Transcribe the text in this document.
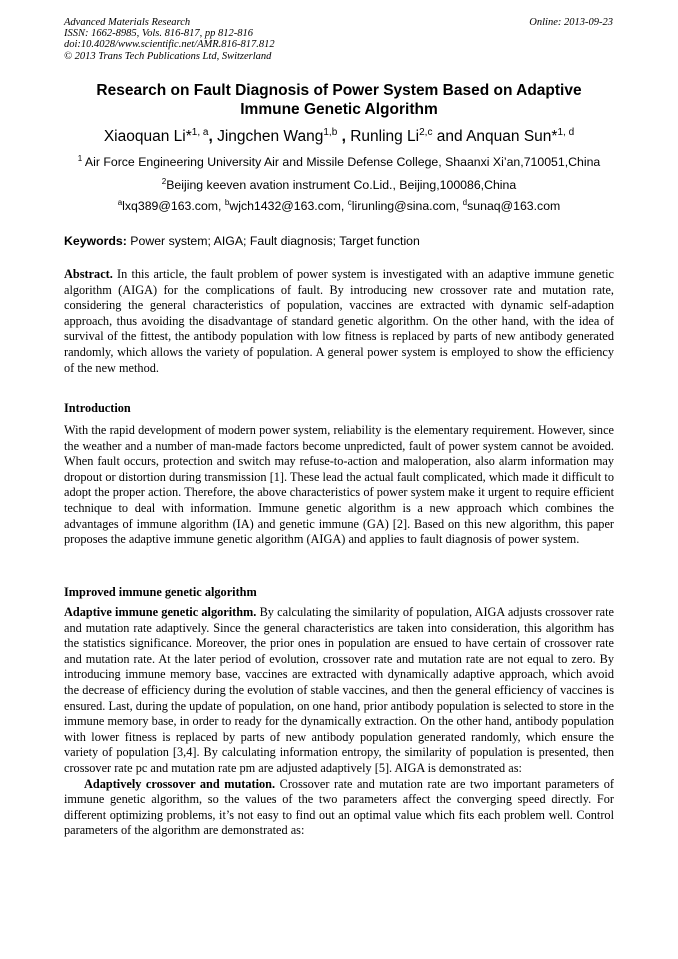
Advanced Materials Research
ISSN: 1662-8985, Vols. 816-817, pp 812-816
doi:10.4028/www.scientific.net/AMR.816-817.812
© 2013 Trans Tech Publications Ltd, Switzerland
Online: 2013-09-23
Research on Fault Diagnosis of Power System Based on Adaptive
Immune Genetic Algorithm
Xiaoquan Li*$^{1, a}$, Jingchen Wang$^{1,b}$ , Runling Li$^{2,c}$ and Anquan Sun*$^{1, d}$
$^1$ Air Force Engineering University Air and Missile Defense College, Shaanxi Xi’an,710051,China
$^2$Beijing keeven avation instrument Co.Lid., Beijing,100086,China
$^a$lxq389@163.com, $^b$wjch1432@163.com, $^c$lirunling@sina.com, $^d$sunaq@163.com
Keywords: Power system; AIGA; Fault diagnosis; Target function
Abstract. In this article, the fault problem of power system is investigated with an adaptive immune genetic algorithm (AIGA) for the complications of fault. By introducing new crossover rate and mutation rate, considering the general characteristics of population, vaccines are extracted with dynamic self-adaption approach, thus avoiding the disadvantage of standard genetic algorithm. On the other hand, with the idea of survival of the fittest, the antibody population with low fitness is replaced by parts of new antibody generated randomly, which allows the variety of population. A general power system is employed to show the efficiency of the new method.
Introduction
With the rapid development of modern power system, reliability is the elementary requirement. However, since the weather and a number of man-made factors become unpredicted, fault of power system cannot be avoided. When fault occurs, protection and switch may refuse-to-action and maloperation, also alarm information may dropout or distortion during transmission [1]. These lead the actual fault complicated, which made it difficult to adopt the proper action. Therefore, the above characteristics of power system make it urgent to require efficient technique to deal with information. Immune genetic algorithm is a new approach which combines the advantages of immune algorithm (IA) and genetic immune (GA) [2]. Based on this new algorithm, this paper proposes the adaptive immune genetic algorithm (AIGA) and applies to fault diagnosis of power system.
Improved immune genetic algorithm
Adaptive immune genetic algorithm. By calculating the similarity of population, AIGA adjusts crossover rate and mutation rate adaptively. Since the general characteristics are taken into consideration, this algorithm has the statistics significance. Moreover, the prior ones in population are ensued to have certain of crossover rate and mutation rate. At the later period of evolution, crossover rate and mutation rate are not equal to zero. By introducing immune memory base, vaccines are extracted with dynamically adaptive approach, which avoid the decrease of efficiency during the evolution of stable vaccines, and then the general efficiency of vaccines is ensured. Last, during the update of population, on one hand, prior antibody population is selected to store in the immune memory base, in order to ready for the dynamically extraction. On the other hand, antibody population with lower fitness is replaced by parts of new antibody population generated randomly, which ensure the variety of population [3,4]. By calculating information entropy, the similarity of population is presented, then crossover rate pc and mutation rate pm are adjusted adaptively [5]. AIGA is demonstrated as:
Adaptively crossover and mutation. Crossover rate and mutation rate are two important parameters of immune genetic algorithm, so the values of the two parameters affect the converging speed directly. For different optimizing problems, it’s not easy to find out an optimal value which fits each problem well. Control parameters of the algorithm are demonstrated as:
